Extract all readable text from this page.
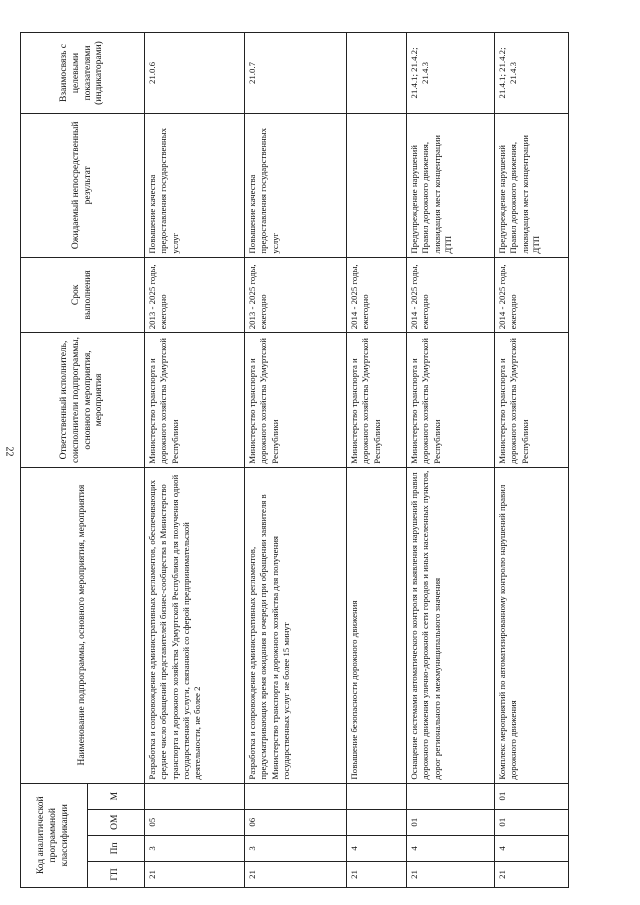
22
Код аналитической программной классификации				Наименование подпрограммы, основного мероприятия, мероприятия	Ответственный исполнитель, соисполнители подпрограммы, основного мероприятия, мероприятия	Срок выполнения	Ожидаемый непосредственный результат	Взаимосвязь с целевыми показателями (индикаторами)
ГП	Пп	ОМ	М					
21	3	05		Разработка и сопровождение административных регламентов, обеспечивающих среднее число обращений представителей бизнес-сообщества в Министерство транспорта и дорожного хозяйства Удмуртской Республики для получения одной государственной услуги, связанной со сферой предпринимательской деятельности, не более 2	Министерство транспорта и дорожного хозяйства Удмуртской Республики	2013 - 2025 годы, ежегодно	Повышение качества предоставления государственных услуг	21.0.6
21	3	06		Разработка и сопровождение административных регламентов, предусматривающих время ожидания в очереди при обращении заявителя в Министерство транспорта и дорожного хозяйства для получения государственных услуг не более 15 минут	Министерство транспорта и дорожного хозяйства Удмуртской Республики	2013 - 2025 годы, ежегодно	Повышение качества предоставления государственных услуг	21.0.7
21	4			Повышение безопасности дорожного движения	Министерство транспорта и дорожного хозяйства Удмуртской Республики	2014 - 2025 годы, ежегодно		
21	4	01		Оснащение системами автоматического контроля и выявления нарушений правил дорожного движения улично-дорожной сети городов и иных населенных пунктов, дорог регионального и межмуниципального значения	Министерство транспорта и дорожного хозяйства Удмуртской Республики	2014 - 2025 годы, ежегодно	Предупреждение нарушений Правил дорожного движения, ликвидация мест концентрации ДТП	21.4.1; 21.4.2; 21.4.3
21	4	01	01	Комплекс мероприятий по автоматизированному контролю нарушений правил дорожного движения	Министерство транспорта и дорожного хозяйства Удмуртской Республики	2014 - 2025 годы, ежегодно	Предупреждение нарушений Правил дорожного движения, ликвидация мест концентрации ДТП	21.4.1; 21.4.2; 21.4.3
